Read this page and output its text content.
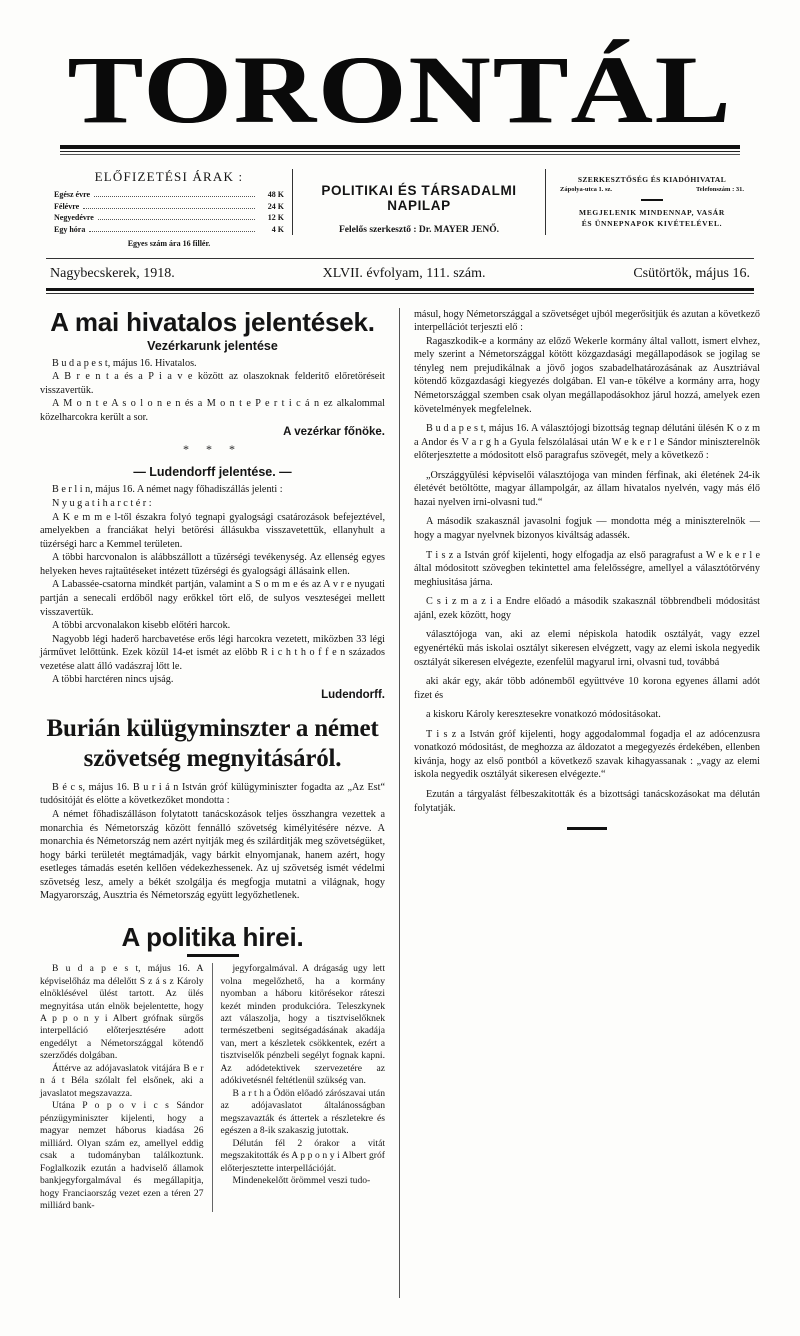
TORONTÁL
ELŐFIZETÉSI ÁRAK :
Egész évre	48 K
Félévre	24 K
Negyedévre	12 K
Egy hóra	4 K
Egyes szám ára 16 fillér.
POLITIKAI ÉS TÁRSADALMI NAPILAP
Felelős szerkesztő : Dr. MAYER JENŐ.
SZERKESZTŐSÉG ÉS KIADÓHIVATAL
Zápolya-utca 1. sz.	Telefonszám : 31.
MEGJELENIK MINDENNAP, VASÁR
ÉS ÜNNEPNAPOK KIVÉTELÉVEL.
Nagybecskerek, 1918.	XLVII. évfolyam, 111. szám.	Csütörtök, május 16.
A mai hivatalos jelentések.
Vezérkarunk jelentése

B u d a p e s t, május 16. Hivatalos.

A B r e n t a és a P i a v e között az olaszoknak felderitő előretöréseit visszavertük.

A M o n t e A s o l o n e n és a M o n t e P e r t i c á n ez alkalommal közelharcokra került a sor.

A vezérkar főnöke.
* * *
— Ludendorff jelentése. —

B e r l i n, május 16. A német nagy főhadiszállás jelenti :

N y u g a t i h a r c t é r :

A K e m m e l-től északra folyó tegnapi gyalogsági csatározások befejeztével, amelyekben a franciákat helyi betörési állásukba visszavetettük, ellanyhult a tüzérségi harc a Kemmel területen.

A többi harcvonalon is alábbszállott a tüzérségi tevékenység. Az ellenség egyes helyeken heves rajtaütéseket intézett tüzérségi és gyalogsági állásaink ellen.

A Labassée-csatorna mindkét partján, valamint a S o m m e és az A v r e nyugati partján a senecali erdőből nagy erőkkel tört elő, de sulyos veszteségei mellett visszavertük.

A többi arcvonalakon kisebb előtéri harcok.

Nagyobb légi haderő harcbavetése erős légi harcokra vezetett, miközben 33 légi járművet lelőttünk. Ezek közül 14-et ismét az elöbb R i c h t h o f f e n százados vezetése alatt álló vadászraj lőtt le.

A többi harctéren nincs ujság.

Ludendorff.
Burián külügyminszter a német
szövetség megnyitásáról.

B é c s, május 16. B u r i á n István gróf külügyminiszter fogadta az „Az Est“ tudósitóját és elötte a következőket mondotta :

A német főhadiszálláson folytatott tanácskozások teljes összhangra vezettek a monarchia és Németország között fennálló szövetség kimélyitésére nézve. A monarchia és Németország nem azért nyitják meg és szilárditják meg szövetségüket, hogy bárki területét megtámadják, vagy bárkit elnyomjanak, hanem azért, hogy esetleges támadás esetén kellően védekezhessenek. Az uj szövetség ismét védelmi szövetség lesz, amely a békét szolgálja és megfogja mutatni a világnak, hogy Magyarország, Ausztria és Németország együtt legyőzhetlenek.

A politika hirei.

B u d a p e s t, május 16. A képviselőház ma délelőtt S z á s z Károly elnöklésével ülést tartott. Az ülés megnyitása után elnök bejelentette, hogy A p p o n y i Albert grófnak sürgős interpelláció előterjesztésére adott engedélyt a Németországgal kötendő szerződés dolgában.

Áttérve az adójavaslatok vitájára B e r n á t Béla szólalt fel elsőnek, aki a javaslatot megszavazza.

Utána P o p o v i c s Sándor pénzügyminiszter kijelenti, hogy a magyar nemzet háborus kiadása 26 milliárd. Olyan szám ez, amellyel eddig csak a tudományban találkoztunk. Foglalkozik ezután a hadviselő államok bankjegyforgalmával és megállapitja, hogy Franciaország vezet ezen a téren 27 milliárd bank-

jegyforgalmával. A drágaság ugy lett volna megelőzhető, ha a kormány nyomban a háboru kitörésekor ráteszi kezét minden produkcióra. Teleszkynek azt válaszolja, hogy a tisztviselőknek természetbeni segitségadásának akadája van, mert a készletek csökkentek, ezért a tisztviselők pénzbeli segélyt fognak kapni. Az adódetektivek szervezetére az adókivetésnél feltétlenül szükség van.

B a r t h a Ödön előadó zárószavai után az adójavaslatot általánosságban megszavazták és áttertek a részletekre és egészen a 8-ik szakaszig jutottak.

Délután fél 2 órakor a vitát megszakitották és A p p o n y i Albert gróf előterjesztette interpellációját.

Mindenekelőtt örömmel veszi tudo-

másul, hogy Németországgal a szövetséget ujból megerősitjük és azutan a következő interpellációt terjeszti elő :

Ragaszkodik-e a kormány az előző Wekerle kormány által vallott, ismert elvhez, mely szerint a Németországgal kötött közgazdasági megállapodások se jogilag se tényleg nem prejudikálnak a jövő jogos szabadelhatározásának az Ausztriával kötendő közgazdasági kiegyezés dolgában. El van-e tökélve a kormány arra, hogy Németországgal szemben csak olyan megállapodásokhoz járul hozzá, amelyek ezen követelmények megfelelnek.

B u d a p e s t, május 16. A választójogi bizottság tegnap délutáni ülésén K o z m a Andor és V a r g h a Gyula felszólalásai után W e k e r l e Sándor miniszterelnök előterjesztette a módositott első paragrafus szövegét, mely a következő :

„Országgyülési képviselői választójoga van minden férfinak, aki életének 24-ik életévét betöltötte, magyar állampolgár, az állam hivatalos nyelvén, vagy más élő hazai nyelven irni-olvasni tud.“

A második szakasznál javasolni fogjuk — mondotta még a miniszterelnök — hogy a magyar nyelvnek bizonyos kiváltság adassék.

T i s z a István gróf kijelenti, hogy elfogadja az első paragrafust a W e k e r l e által módositott szövegben tekintettel ama felelősségre, amellyel a választótörvény meghiusitása járna.

C s i z m a z i a Endre előadó a második szakasznál többrendbeli módositást ajánl, ezek között, hogy

választójoga van, aki az elemi népiskola hatodik osztályát, vagy ezzel egyenértékü más iskolai osztályt sikeresen elvégzett, vagy az elemi iskola negyedik osztályát sikeresen elvégezte, ezenfelül magyarul irni, olvasni tud, továbbá

aki akár egy, akár több adónemből együttvéve 10 korona egyenes állami adót fizet és

a kiskoru Károly keresztesekre vonatkozó módositásokat.

T i s z a István gróf kijelenti, hogy aggodalommal fogadja el az adócenzusra vonatkozó módositást, de meghozza az áldozatot a megegyezés érdekében, ellenben kivánja, hogy az első pontból a következő szavak kihagyassanak : „vagy az elemi iskola negyedik osztályát sikeresen elvégezte.“

Ezután a tárgyalást félbeszakitották és a bizottsági tanácskozásokat ma délután folytatják.
